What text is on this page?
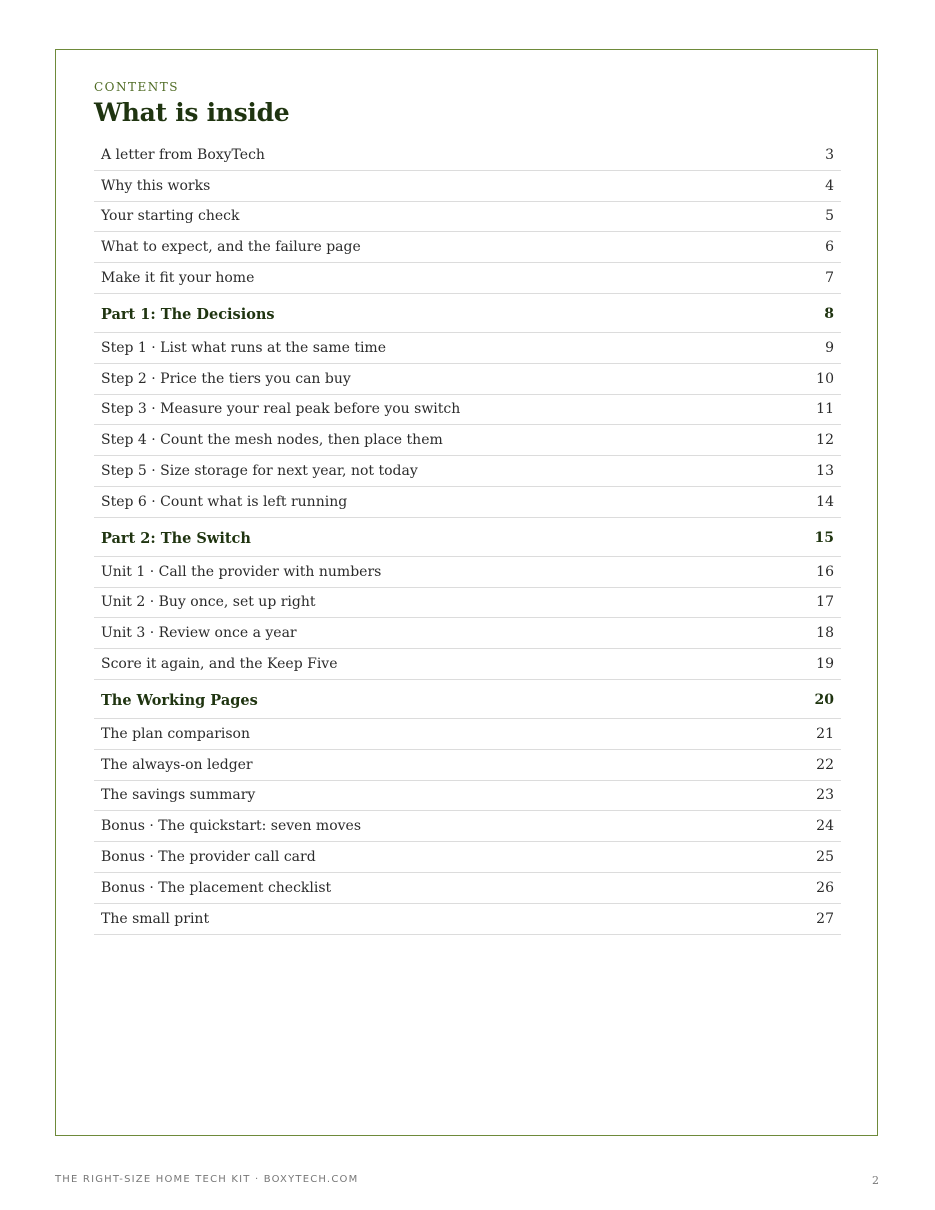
CONTENTS
What is inside
A letter from BoxyTech	3
Why this works	4
Your starting check	5
What to expect, and the failure page	6
Make it fit your home	7
Part 1: The Decisions	8
Step 1 · List what runs at the same time	9
Step 2 · Price the tiers you can buy	10
Step 3 · Measure your real peak before you switch	11
Step 4 · Count the mesh nodes, then place them	12
Step 5 · Size storage for next year, not today	13
Step 6 · Count what is left running	14
Part 2: The Switch	15
Unit 1 · Call the provider with numbers	16
Unit 2 · Buy once, set up right	17
Unit 3 · Review once a year	18
Score it again, and the Keep Five	19
The Working Pages	20
The plan comparison	21
The always-on ledger	22
The savings summary	23
Bonus · The quickstart: seven moves	24
Bonus · The provider call card	25
Bonus · The placement checklist	26
The small print	27
THE RIGHT-SIZE HOME TECH KIT · BOXYTECH.COM	2
